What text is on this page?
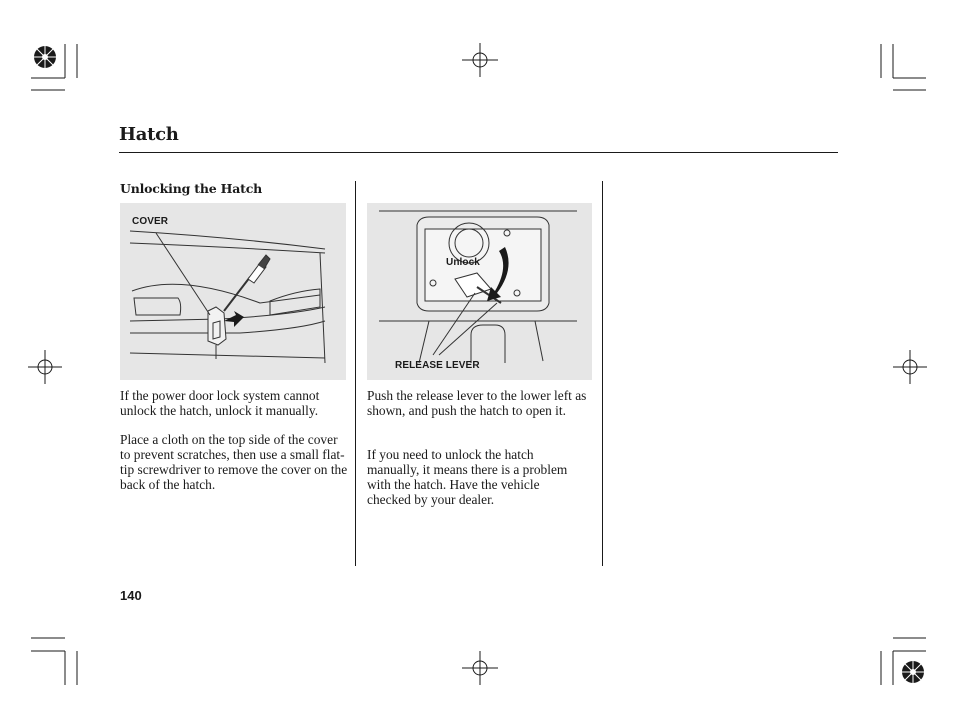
Hatch
Unlocking the Hatch
COVER
Unlock
RELEASE LEVER

If the power door lock system cannot unlock the hatch, unlock it manually.

Place a cloth on the top side of the cover to prevent scratches, then use a small flat-tip screwdriver to remove the cover on the back of the hatch.

Push the release lever to the lower left as shown, and push the hatch to open it.

If you need to unlock the hatch manually, it means there is a problem with the hatch. Have the vehicle checked by your dealer.

140
